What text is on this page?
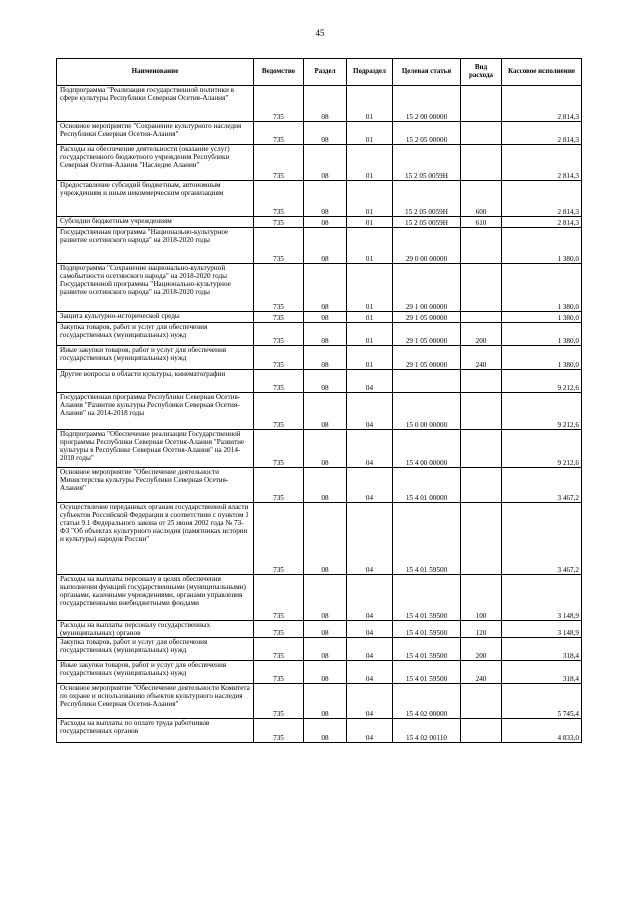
45
Наименование	Ведомство	Раздел	Подраздел	Целевая статья	Вид расхода	Кассовое исполнение
Подпрограмма "Реализация государственной политики в сфере культуры Республики Северная Осетия-Алания"	735	08	01	15 2 00 00000		2 814,3
Основное мероприятие "Сохранение культурного наследия Республики Северная Осетия-Алания"	735	08	01	15 2 05 00000		2 814,3
Расходы на обеспечение деятельности (оказание услуг) государственного бюджетного учреждения Республики Северная Осетия-Алания "Наследие Алании"	735	08	01	15 2 05 0059Н		2 814,3
Предоставление субсидий бюджетным, автономным учреждениям и иным некоммерческим организациям	735	08	01	15 2 05 0059Н	600	2 814,3
Субсидии бюджетным учреждениям	735	08	01	15 2 05 0059Н	610	2 814,3
Государственная программа "Национально-культурное развитие осетинского народа" на 2018-2020 годы	735	08	01	29 0 00 00000		1 380,0
Подпрограмма "Сохранение национально-культурной самобытности осетинского народа" на 2018-2020 годы Государственной программы "Национально-культурное развитие осетинского народа" на 2018-2020 годы	735	08	01	29 1 00 00000		1 380,0
Защита культурно-исторической среды	735	08	01	29 1 05 00000		1 380,0
Закупка товаров, работ и услуг для обеспечения государственных (муниципальных) нужд	735	08	01	29 1 05 00000	200	1 380,0
Иные закупки товаров, работ и услуг для обеспечения государственных (муниципальных) нужд	735	08	01	29 1 05 00000	240	1 380,0
Другие вопросы в области культуры, кинематографии	735	08	04			9 212,6
Государственная программа Республики Северная Осетия-Алания "Развитие культуры Республики Северная Осетия-Алания" на 2014-2018 годы	735	08	04	15 0 00 00000		9 212,6
Подпрограмма "Обеспечение реализации Государственной программы Республики Северная Осетия-Алания "Развитие культуры в Республике Северная Осетия-Алания" на 2014-2018 годы"	735	08	04	15 4 00 00000		9 212,6
Основное мероприятие "Обеспечение деятельности Министерства культуры Республики Северная Осетия-Алания"	735	08	04	15 4 01 00000		3 467,2
Осуществление переданных органам государственной власти субъектов Российской Федерации в соответствии с пунктом 1 статьи 9.1 Федерального закона от 25 июня 2002 года № 73-ФЗ "Об объектах культурного наследия (памятниках истории и культуры) народов России"	735	08	04	15 4 01 59500		3 467,2
Расходы на выплаты персоналу в целях обеспечения выполнения функций государственными (муниципальными) органами, казенными учреждениями, органами управления государственными внебюджетными фондами	735	08	04	15 4 01 59500	100	3 148,9
Расходы на выплаты персоналу государственных (муниципальных) органов	735	08	04	15 4 01 59500	120	3 148,9
Закупка товаров, работ и услуг для обеспечения государственных (муниципальных) нужд	735	08	04	15 4 01 59500	200	318,4
Иные закупки товаров, работ и услуг для обеспечения государственных (муниципальных) нужд	735	08	04	15 4 01 59500	240	318,4
Основное мероприятие "Обеспечение деятельности Комитета по охране и использованию объектов культурного наследия Республики Северная Осетия-Алания"	735	08	04	15 4 02 00000		5 745,4
Расходы на выплаты по оплате труда работников государственных органов	735	08	04	15 4 02 00110		4 833,0
